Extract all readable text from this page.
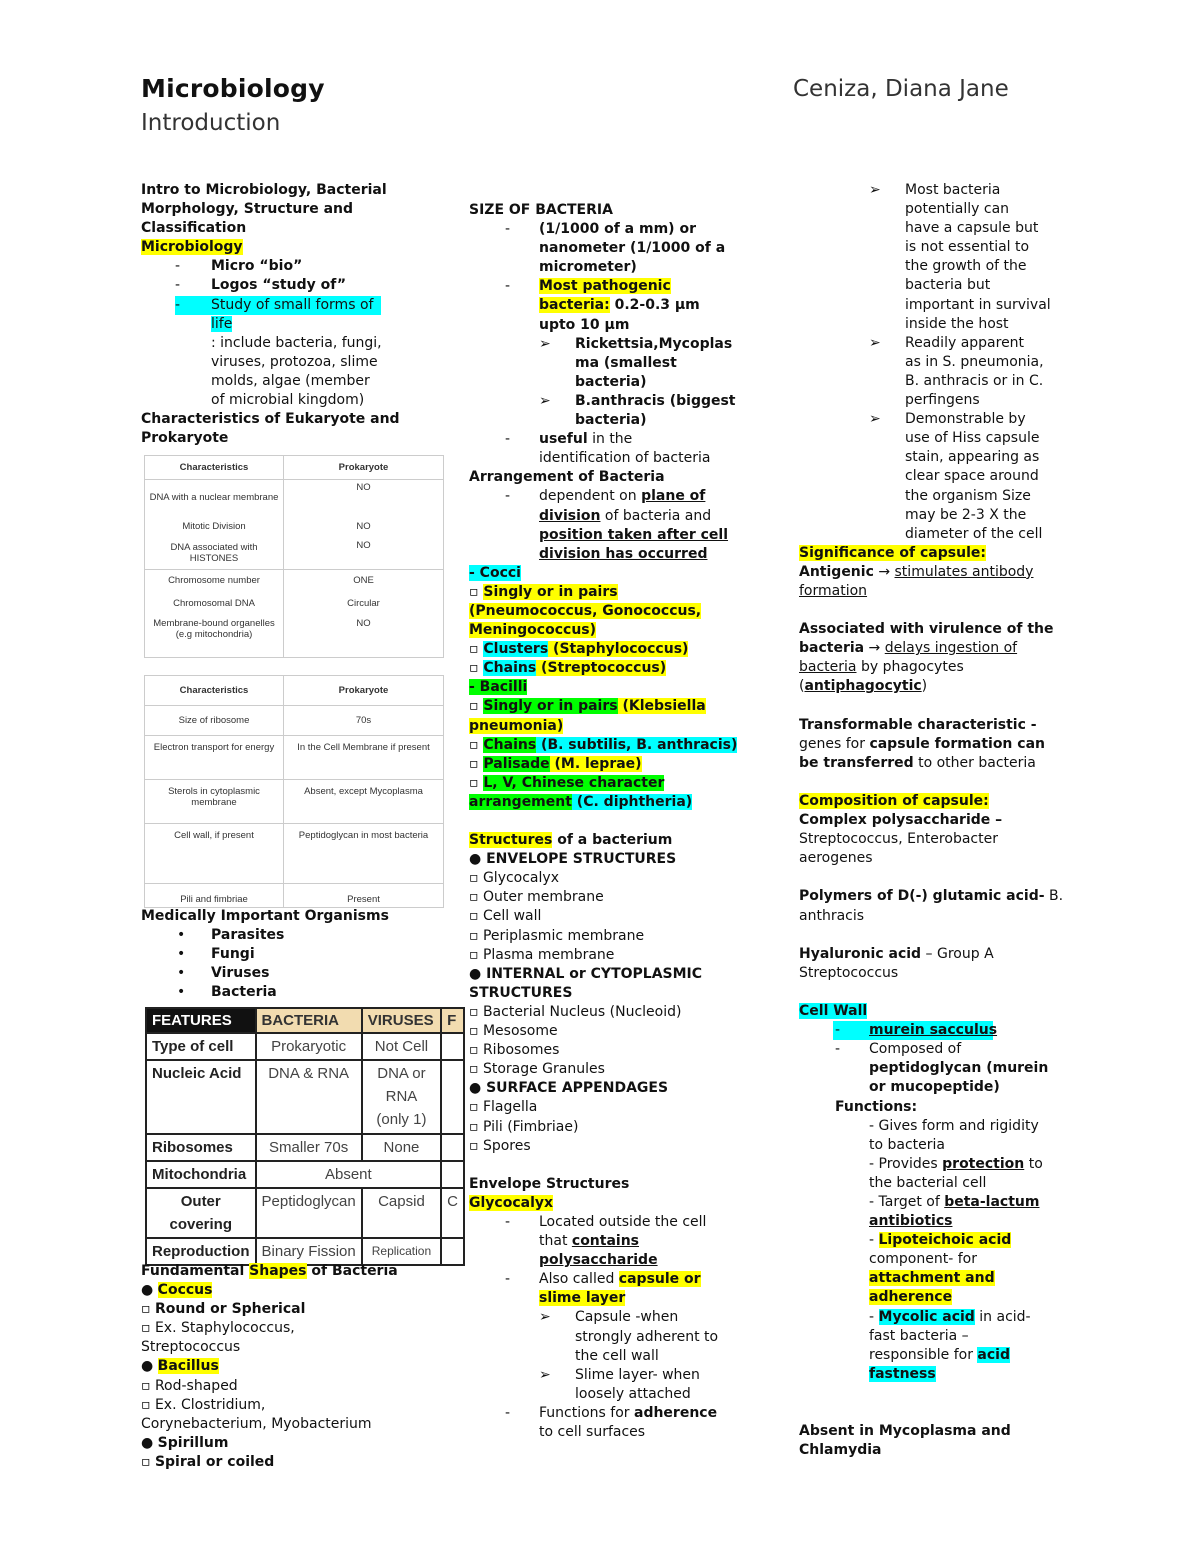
Microbiology
Introduction
Ceniza, Diana Jane
Intro to Microbiology, Bacterial
Morphology, Structure and
Classification
Microbiology
- Micro “bio”
- Logos “study of”
- Study of small forms of
life
: include bacteria, fungi,
viruses, protozoa, slime
molds, algae (member
of microbial kingdom)
Characteristics of Eukaryote and
Prokaryote
Characteristics	Prokaryote
DNA with a nuclear membrane	NO
Mitotic Division	NO
DNA associated with HISTONES	NO
Chromosome number	ONE
Chromosomal DNA	Circular
Membrane-bound organelles (e.g mitochondria)	NO
Characteristics	Prokaryote
Size of ribosome	70s
Electron transport for energy	In the Cell Membrane if present
Sterols in cytoplasmic membrane	Absent, except Mycoplasma
Cell wall, if present	Peptidoglycan in most bacteria
Pili and fimbriae	Present
Medically Important Organisms
• Parasites
• Fungi
• Viruses
• Bacteria
FEATURES	BACTERIA	VIRUSES	F
Type of cell	Prokaryotic	Not Cell	
Nucleic Acid	DNA & RNA	DNA or RNA (only 1)	
Ribosomes	Smaller 70s	None	
Mitochondria	Absent		
Outer covering	Peptidoglycan	Capsid	C
Reproduction	Binary Fission	Replication	
Fundamental Shapes of Bacteria
● Coccus
▫ Round or Spherical
▫ Ex. Staphylococcus,
Streptococcus
● Bacillus
▫ Rod-shaped
▫ Ex. Clostridium,
Corynebacterium, Myobacterium
● Spirillum
▫ Spiral or coiled
SIZE OF BACTERIA
- (1/1000 of a mm) or
nanometer (1/1000 of a
micrometer)
- Most pathogenic
bacteria: 0.2-0.3 μm
upto 10 μm
➢ Rickettsia,Mycoplas
ma (smallest
bacteria)
➢ B.anthracis (biggest
bacteria)
- useful in the
identification of bacteria
Arrangement of Bacteria
- dependent on plane of
division of bacteria and
position taken after cell
division has occurred
- Cocci
▫ Singly or in pairs
(Pneumococcus, Gonococcus,
Meningococcus)
▫ Clusters (Staphylococcus)
▫ Chains (Streptococcus)
- Bacilli
▫ Singly or in pairs (Klebsiella
pneumonia)
▫ Chains (B. subtilis, B. anthracis)
▫ Palisade (M. leprae)
▫ L, V, Chinese character
arrangement (C. diphtheria)
Structures of a bacterium
● ENVELOPE STRUCTURES
▫ Glycocalyx
▫ Outer membrane
▫ Cell wall
▫ Periplasmic membrane
▫ Plasma membrane
● INTERNAL or CYTOPLASMIC
STRUCTURES
▫ Bacterial Nucleus (Nucleoid)
▫ Mesosome
▫ Ribosomes
▫ Storage Granules
● SURFACE APPENDAGES
▫ Flagella
▫ Pili (Fimbriae)
▫ Spores
Envelope Structures
Glycocalyx
- Located outside the cell
that contains
polysaccharide
- Also called capsule or
slime layer
➢ Capsule -when
strongly adherent to
the cell wall
➢ Slime layer- when
loosely attached
- Functions for adherence
to cell surfaces
➢ Most bacteria
potentially can
have a capsule but
is not essential to
the growth of the
bacteria but
important in survival
inside the host
➢ Readily apparent
as in S. pneumonia,
B. anthracis or in C.
perfingens
➢ Demonstrable by
use of Hiss capsule
stain, appearing as
clear space around
the organism Size
may be 2-3 X the
diameter of the cell
Significance of capsule:
Antigenic → stimulates antibody
formation
Associated with virulence of the
bacteria → delays ingestion of
bacteria by phagocytes
(antiphagocytic)
Transformable characteristic -
genes for capsule formation can
be transferred to other bacteria
Composition of capsule:
Complex polysaccharide –
Streptococcus, Enterobacter
aerogenes
Polymers of D(-) glutamic acid- B.
anthracis
Hyaluronic acid – Group A
Streptococcus
Cell Wall
- murein sacculus
- Composed of
peptidoglycan (murein
or mucopeptide)
Functions:
- Gives form and rigidity
to bacteria
- Provides protection to
the bacterial cell
- Target of beta-lactum
antibiotics
- Lipoteichoic acid
component- for
attachment and
adherence
- Mycolic acid in acid-
fast bacteria –
responsible for acid
fastness
Absent in Mycoplasma and
Chlamydia
